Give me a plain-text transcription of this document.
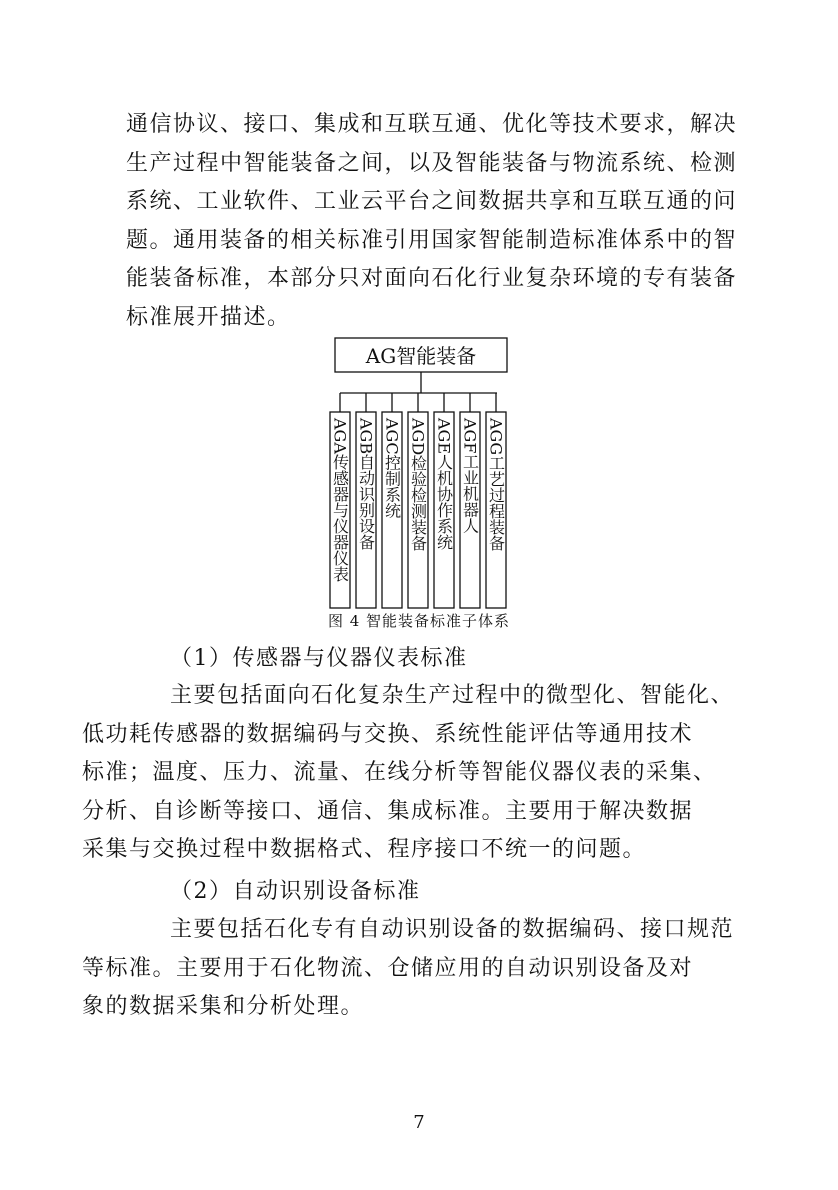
通信协议、接口、集成和互联互通、优化等技术要求，解决
生产过程中智能装备之间，以及智能装备与物流系统、检测
系统、工业软件、工业云平台之间数据共享和互联互通的问
题。通用装备的相关标准引用国家智能制造标准体系中的智
能装备标准，本部分只对面向石化行业复杂环境的专有装备
标准展开描述。
AG智能装备
AGA传感器与仪器仪表 AGB自动识别设备 AGC控制系统 AGD检验检测装备 AGE人机协作系统 AGF工业机器人 AGG工艺过程装备
图 4 智能装备标准子体系
（1）传感器与仪器仪表标准
主要包括面向石化复杂生产过程中的微型化、智能化、
低功耗传感器的数据编码与交换、系统性能评估等通用技术
标准；温度、压力、流量、在线分析等智能仪器仪表的采集、
分析、自诊断等接口、通信、集成标准。主要用于解决数据
采集与交换过程中数据格式、程序接口不统一的问题。
（2）自动识别设备标准
主要包括石化专有自动识别设备的数据编码、接口规范
等标准。主要用于石化物流、仓储应用的自动识别设备及对
象的数据采集和分析处理。
7
